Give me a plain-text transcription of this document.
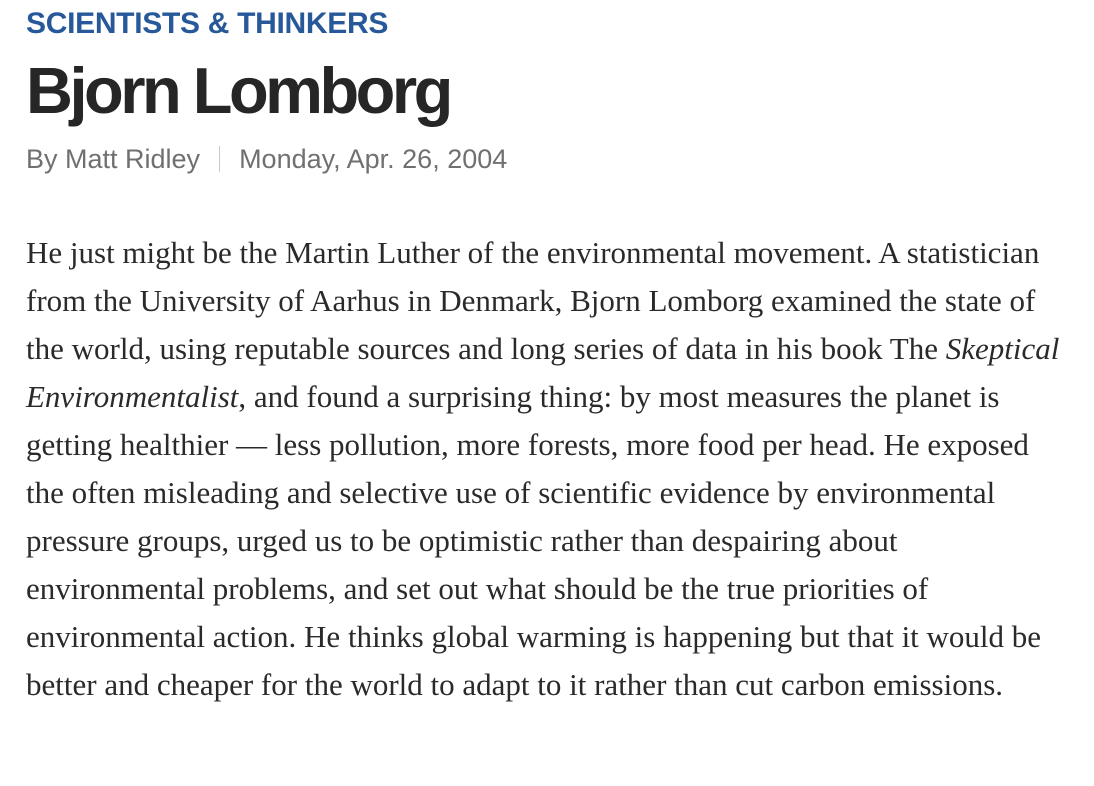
SCIENTISTS & THINKERS
Bjorn Lomborg
By Matt Ridley Monday, Apr. 26, 2004

He just might be the Martin Luther of the environmental movement. A statistician from the University of Aarhus in Denmark, Bjorn Lomborg examined the state of the world, using reputable sources and long series of data in his book The Skeptical Environmentalist, and found a surprising thing: by most measures the planet is getting healthier — less pollution, more forests, more food per head. He exposed the often misleading and selective use of scientific evidence by environmental pressure groups, urged us to be optimistic rather than despairing about environmental problems, and set out what should be the true priorities of environmental action. He thinks global warming is happening but that it would be better and cheaper for the world to adapt to it rather than cut carbon emissions.
